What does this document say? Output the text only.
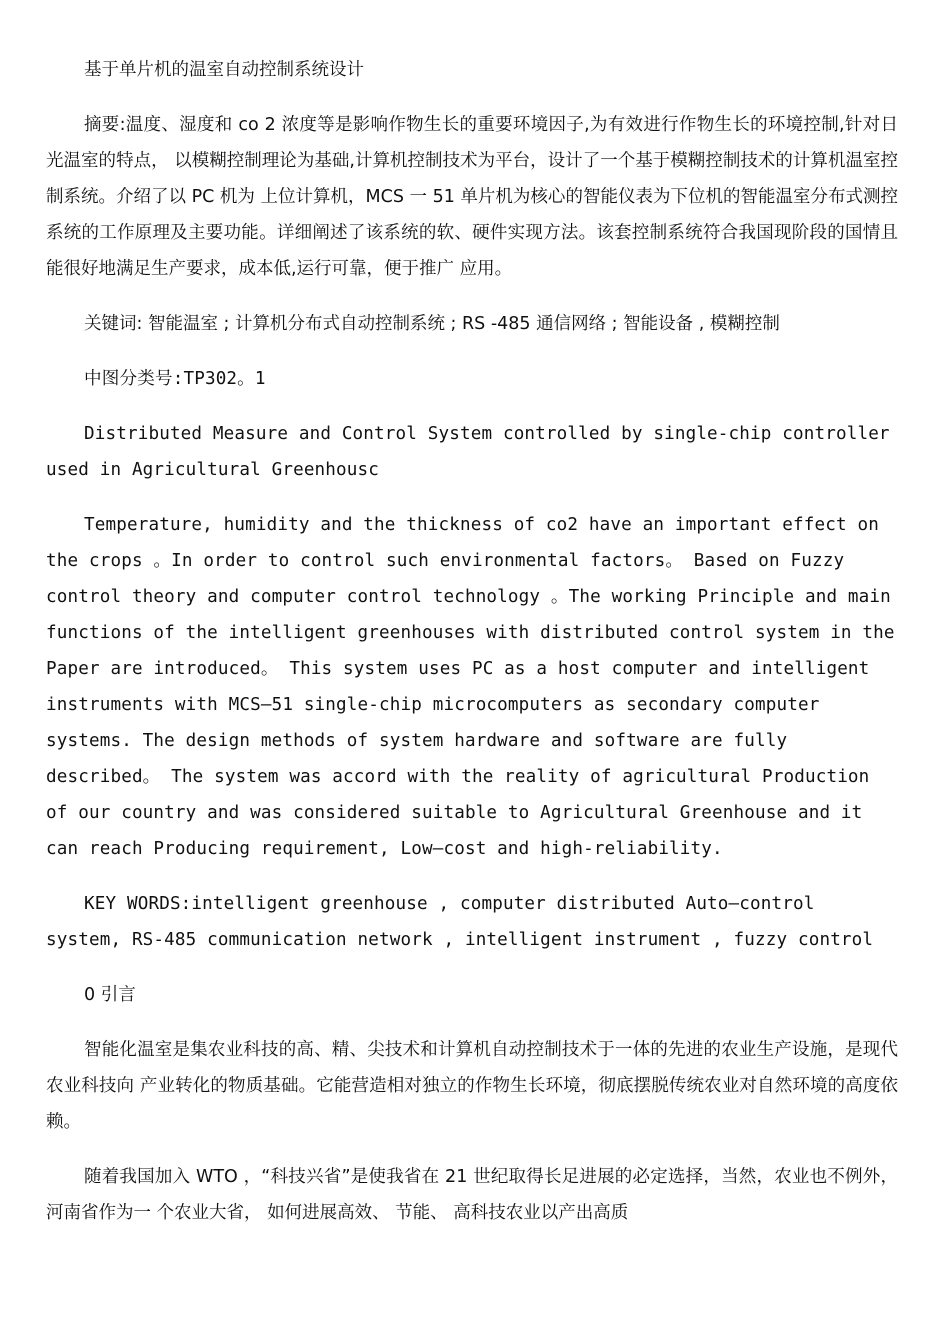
基于单片机的温室自动控制系统设计

摘要:温度、湿度和 co 2 浓度等是影响作物生长的重要环境因子,为有效进行作物生长的环境控制,针对日光温室的特点， 以模糊控制理论为基础,计算机控制技术为平台，设计了一个基于模糊控制技术的计算机温室控制系统。介绍了以 PC 机为 上位计算机，MCS 一 51 单片机为核心的智能仪表为下位机的智能温室分布式测控系统的工作原理及主要功能。详细阐述了该系统的软、硬件实现方法。该套控制系统符合我国现阶段的国情且能很好地满足生产要求，成本低,运行可靠，便于推广 应用。

关键词: 智能温室 ; 计算机分布式自动控制系统 ; RS -485 通信网络 ; 智能设备 , 模糊控制

中图分类号:TP302。1

Distributed Measure and Control System controlled by single-chip controller used in Agricultural Greenhousc

Temperature, humidity and the thickness of co2 have an important effect on the crops 。In order to control such environmental factors。 Based on Fuzzy control theory and computer control technology 。The working Principle and main functions of the intelligent greenhouses with distributed control system in the Paper are introduced。 This system uses PC as a host computer and intelligent instruments with MCS—51 single-chip microcomputers as secondary computer systems. The design methods of system hardware and software are fully described。 The system was accord with the reality of agricultural Production of our country and was considered suitable to Agricultural Greenhouse and it can reach Producing requirement, Low—cost and high-reliability.

KEY WORDS:intelligent greenhouse , computer distributed Auto—control system, RS-485 communication network , intelligent instrument , fuzzy control

0 引言

智能化温室是集农业科技的高、精、尖技术和计算机自动控制技术于一体的先进的农业生产设施，是现代农业科技向 产业转化的物质基础。它能营造相对独立的作物生长环境，彻底摆脱传统农业对自然环境的高度依赖。

随着我国加入 WTO ，“科技兴省”是使我省在 21 世纪取得长足进展的必定选择，当然，农业也不例外，河南省作为一 个农业大省， 如何进展高效、 节能、 高科技农业以产出高质
